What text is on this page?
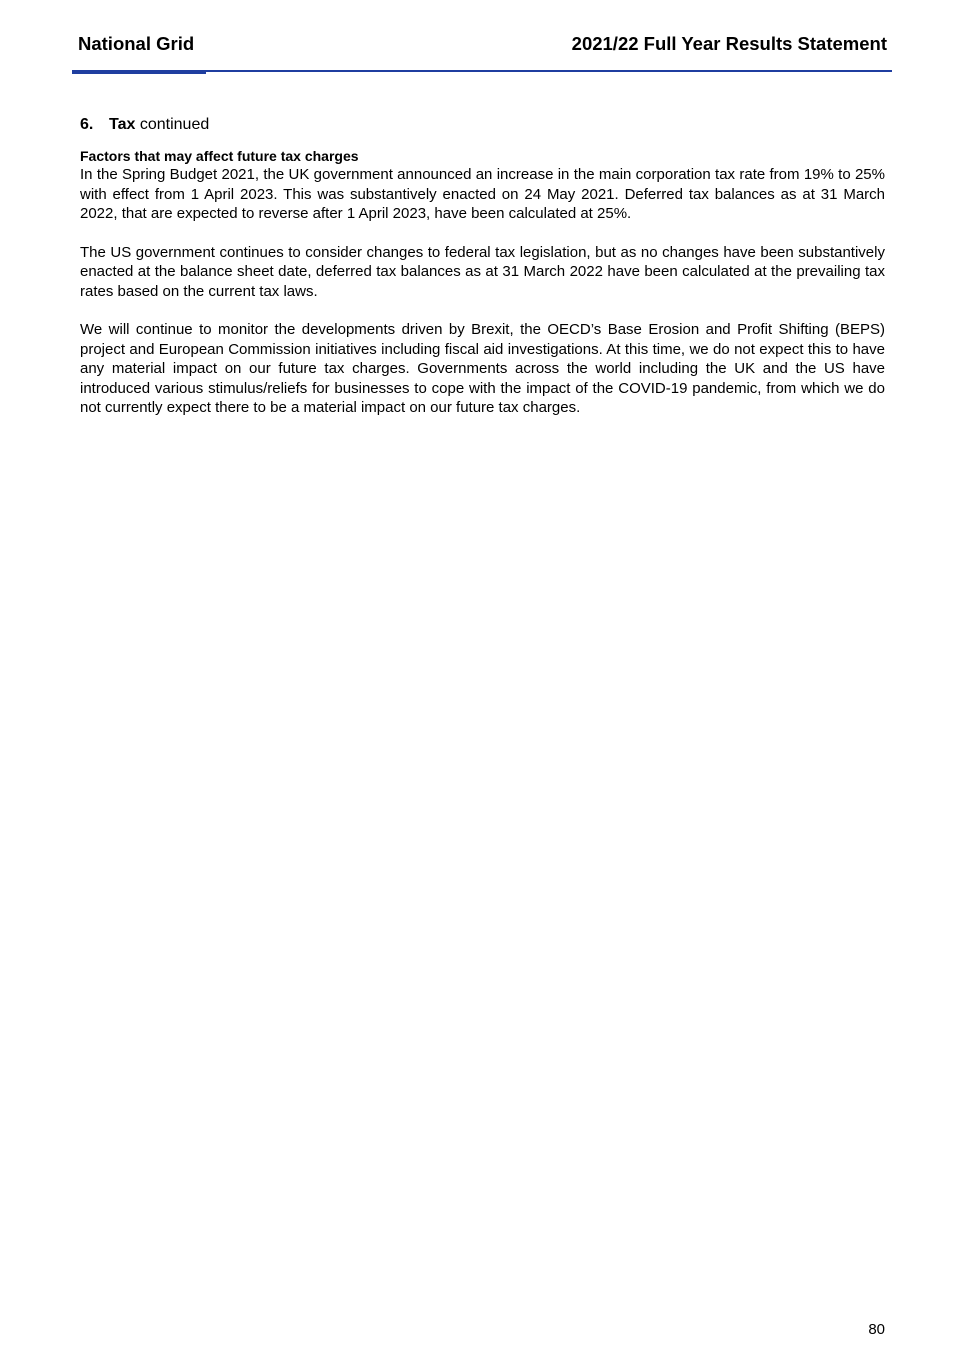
National Grid	2021/22 Full Year Results Statement

6. Tax continued

Factors that may affect future tax charges

In the Spring Budget 2021, the UK government announced an increase in the main corporation tax rate from 19% to 25% with effect from 1 April 2023. This was substantively enacted on 24 May 2021. Deferred tax balances as at 31 March 2022, that are expected to reverse after 1 April 2023, have been calculated at 25%.

The US government continues to consider changes to federal tax legislation, but as no changes have been substantively enacted at the balance sheet date, deferred tax balances as at 31 March 2022 have been calculated at the prevailing tax rates based on the current tax laws.

We will continue to monitor the developments driven by Brexit, the OECD’s Base Erosion and Profit Shifting (BEPS) project and European Commission initiatives including fiscal aid investigations. At this time, we do not expect this to have any material impact on our future tax charges. Governments across the world including the UK and the US have introduced various stimulus/reliefs for businesses to cope with the impact of the COVID-19 pandemic, from which we do not currently expect there to be a material impact on our future tax charges.

80
